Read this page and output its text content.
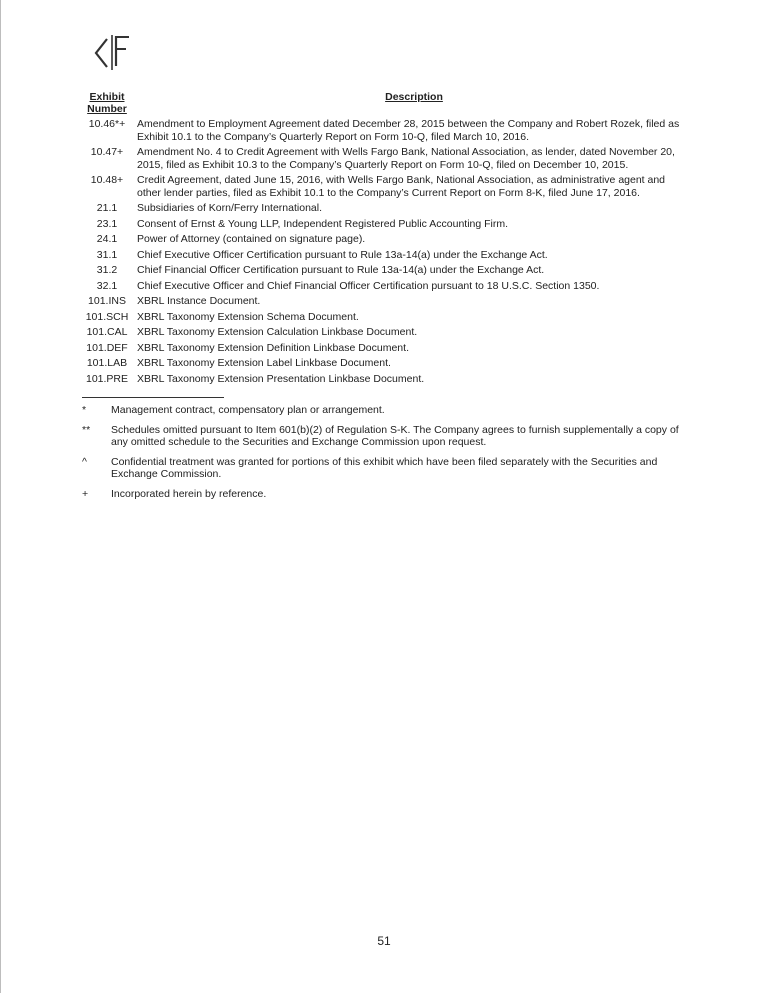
Exhibit
Number	Description
10.46*+	Amendment to Employment Agreement dated December 28, 2015 between the Company and Robert Rozek, filed as Exhibit 10.1 to the Company’s Quarterly Report on Form 10-Q, filed March 10, 2016.
10.47+	Amendment No. 4 to Credit Agreement with Wells Fargo Bank, National Association, as lender, dated November 20, 2015, filed as Exhibit 10.3 to the Company’s Quarterly Report on Form 10-Q, filed on December 10, 2015.
10.48+	Credit Agreement, dated June 15, 2016, with Wells Fargo Bank, National Association, as administrative agent and other lender parties, filed as Exhibit 10.1 to the Company’s Current Report on Form 8-K, filed June 17, 2016.
21.1	Subsidiaries of Korn/Ferry International.
23.1	Consent of Ernst & Young LLP, Independent Registered Public Accounting Firm.
24.1	Power of Attorney (contained on signature page).
31.1	Chief Executive Officer Certification pursuant to Rule 13a-14(a) under the Exchange Act.
31.2	Chief Financial Officer Certification pursuant to Rule 13a-14(a) under the Exchange Act.
32.1	Chief Executive Officer and Chief Financial Officer Certification pursuant to 18 U.S.C. Section 1350.
101.INS	XBRL Instance Document.
101.SCH	XBRL Taxonomy Extension Schema Document.
101.CAL	XBRL Taxonomy Extension Calculation Linkbase Document.
101.DEF	XBRL Taxonomy Extension Definition Linkbase Document.
101.LAB	XBRL Taxonomy Extension Label Linkbase Document.
101.PRE	XBRL Taxonomy Extension Presentation Linkbase Document.
*	Management contract, compensatory plan or arrangement.
**	Schedules omitted pursuant to Item 601(b)(2) of Regulation S-K. The Company agrees to furnish supplementally a copy of any omitted schedule to the Securities and Exchange Commission upon request.
^	Confidential treatment was granted for portions of this exhibit which have been filed separately with the Securities and Exchange Commission.
+	Incorporated herein by reference.
51
